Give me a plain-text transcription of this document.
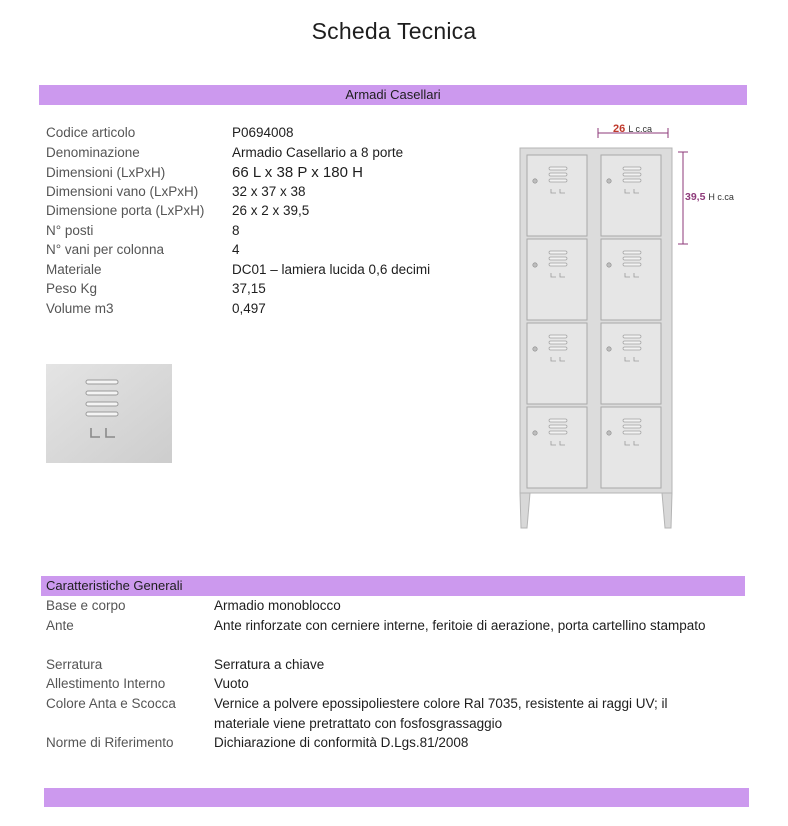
Scheda Tecnica
Armadi Casellari
Codice articolo	P0694008
Denominazione	Armadio Casellario a 8 porte
Dimensioni (LxPxH)	66 L x 38 P x 180 H
Dimensioni vano (LxPxH) 32 x 37 x 38
Dimensione porta (LxPxH) 26 x 2 x 39,5
N° posti	8
N° vani per colonna	4
Materiale	DC01 – lamiera lucida 0,6 decimi
Peso Kg	37,15
Volume m3	0,497
26 L c.ca
39,5 H c.ca
Caratteristiche Generali
Base e corpo	Armadio monoblocco
Ante	Ante rinforzate con cerniere interne, feritoie di aerazione, porta cartellino stampato
Serratura	Serratura a chiave
Allestimento Interno	Vuoto
Colore Anta e Scocca	Vernice a polvere epossipoliestere colore Ral 7035, resistente ai raggi UV; il materiale viene pretrattato con fosfosgrassaggio
Norme di Riferimento	Dichiarazione di conformità D.Lgs.81/2008
